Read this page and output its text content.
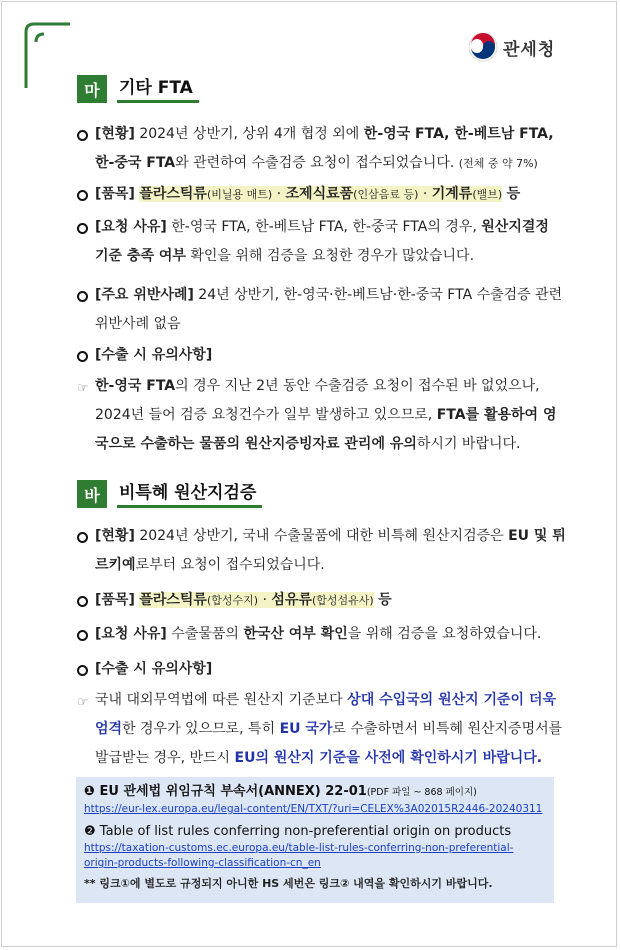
관세청
마	기타 FTA
[현황] 2024년 상반기, 상위 4개 협정 외에 한-영국 FTA, 한-베트남 FTA, 한-중국 FTA와 관련하여 수출검증 요청이 접수되었습니다. (전체 중 약 7%)
[품목] 플라스틱류(비닐용 매트) · 조제식료품(인삼음료 등) · 기계류(밸브) 등
[요청 사유] 한-영국 FTA, 한-베트남 FTA, 한-중국 FTA의 경우, 원산지결정 기준 충족 여부 확인을 위해 검증을 요청한 경우가 많았습니다.
[주요 위반사례] 24년 상반기, 한-영국·한-베트남·한-중국 FTA 수출검증 관련 위반사례 없음
[수출 시 유의사항]
☞ 한-영국 FTA의 경우 지난 2년 동안 수출검증 요청이 접수된 바 없었으나, 2024년 들어 검증 요청건수가 일부 발생하고 있으므로, FTA를 활용하여 영국으로 수출하는 물품의 원산지증빙자료 관리에 유의하시기 바랍니다.
바	비특혜 원산지검증
[현황] 2024년 상반기, 국내 수출물품에 대한 비특혜 원산지검증은 EU 및 튀르키예로부터 요청이 접수되었습니다.
[품목] 플라스틱류(합성수지) · 섬유류(합성섬유사) 등
[요청 사유] 수출물품의 한국산 여부 확인을 위해 검증을 요청하였습니다.
[수출 시 유의사항]
☞ 국내 대외무역법에 따른 원산지 기준보다 상대 수입국의 원산지 기준이 더욱 엄격한 경우가 있으므로, 특히 EU 국가로 수출하면서 비특혜 원산지증명서를 발급받는 경우, 반드시 EU의 원산지 기준을 사전에 확인하시기 바랍니다.
❶ EU 관세법 위임규칙 부속서(ANNEX) 22-01(PDF 파일 ~ 868 페이지)
https://eur-lex.europa.eu/legal-content/EN/TXT/?uri=CELEX%3A02015R2446-20240311
❷ Table of list rules conferring non-preferential origin on products
https://taxation-customs.ec.europa.eu/table-list-rules-conferring-non-preferential-
origin-products-following-classification-cn_en
** 링크①에 별도로 규정되지 아니한 HS 세번은 링크② 내역을 확인하시기 바랍니다.
